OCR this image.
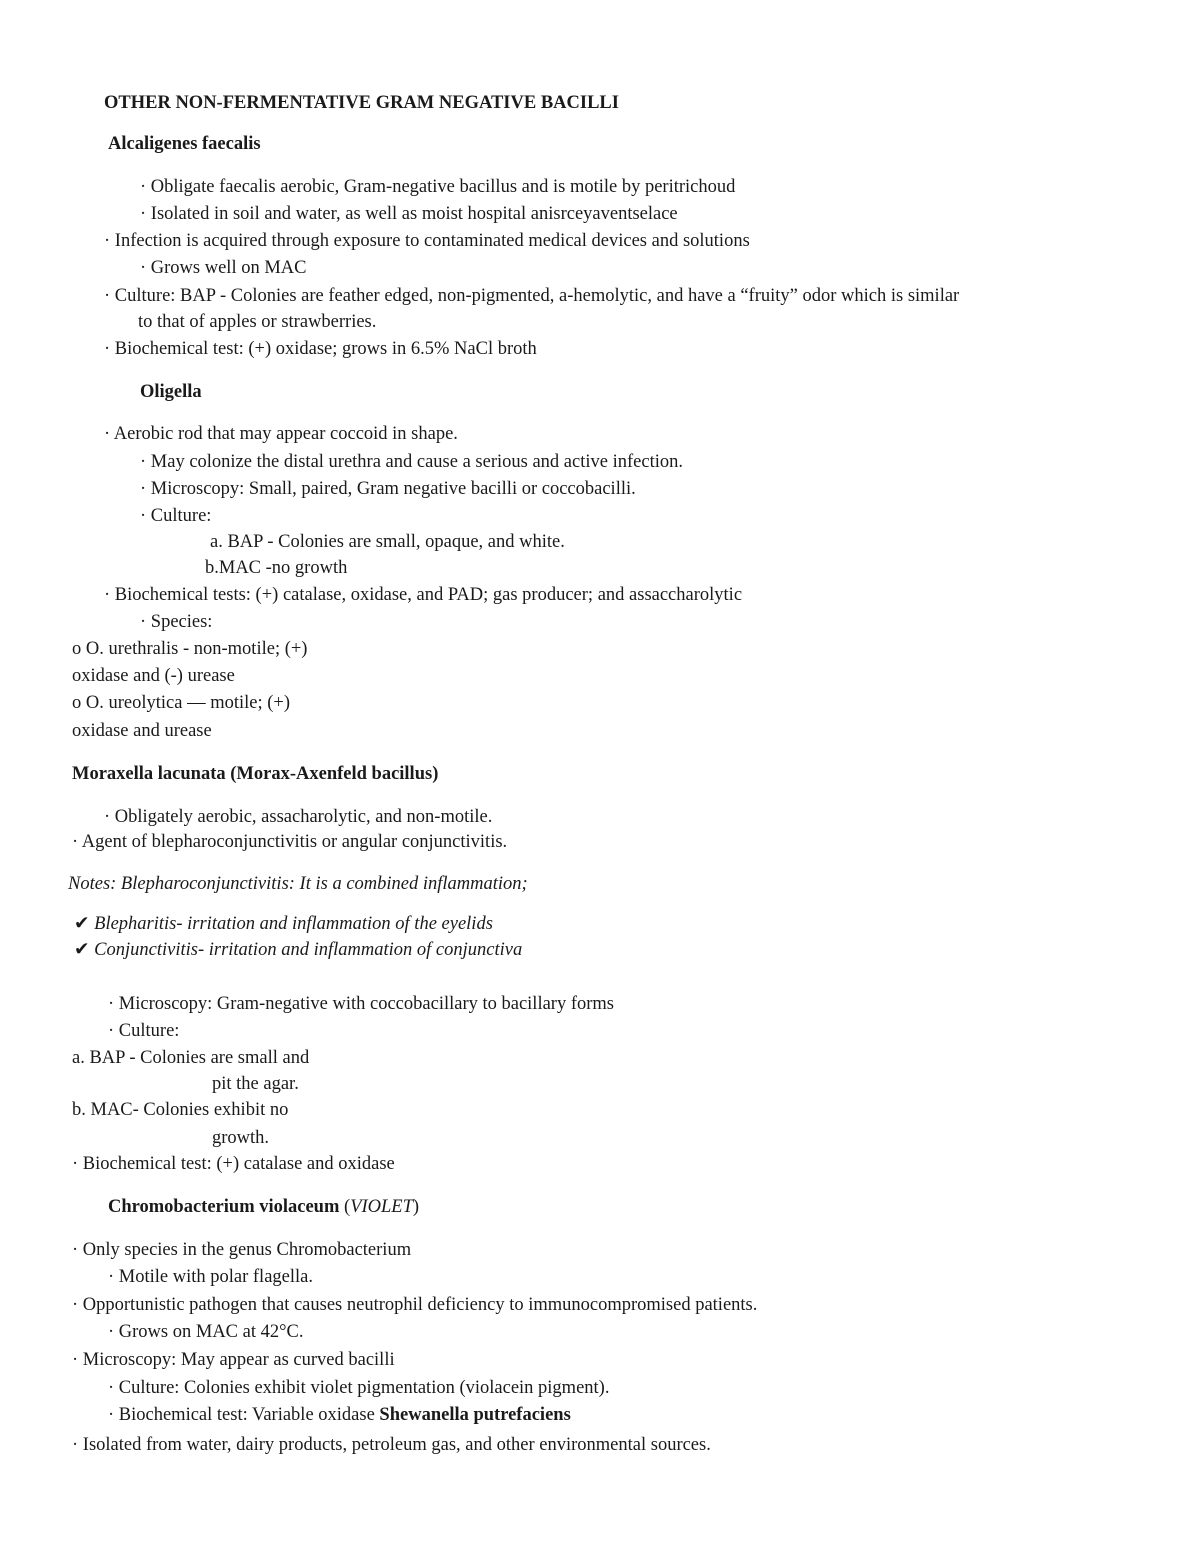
OTHER NON-FERMENTATIVE GRAM NEGATIVE BACILLI
Alcaligenes faecalis
· Obligate faecalis aerobic, Gram-negative bacillus and is motile by peritrichoud
· Isolated in soil and water, as well as moist hospital anisrceyaventselace
· Infection is acquired through exposure to contaminated medical devices and solutions
· Grows well on MAC
· Culture: BAP - Colonies are feather edged, non-pigmented, a-hemolytic, and have a “fruity” odor which is similar
to that of apples or strawberries.
· Biochemical test: (+) oxidase; grows in 6.5% NaCl broth
Oligella
· Aerobic rod that may appear coccoid in shape.
· May colonize the distal urethra and cause a serious and active infection.
· Microscopy: Small, paired, Gram negative bacilli or coccobacilli.
· Culture:
a. BAP - Colonies are small, opaque, and white.
b.MAC -no growth
· Biochemical tests: (+) catalase, oxidase, and PAD; gas producer; and assaccharolytic
· Species:
o O. urethralis - non-motile; (+)
oxidase and (-) urease
o O. ureolytica — motile; (+)
oxidase and urease
Moraxella lacunata (Morax-Axenfeld bacillus)
· Obligately aerobic, assacharolytic, and non-motile.
· Agent of blepharoconjunctivitis or angular conjunctivitis.
Notes: Blepharoconjunctivitis: It is a combined inflammation;
✔ Blepharitis- irritation and inflammation of the eyelids
✔ Conjunctivitis- irritation and inflammation of conjunctiva
· Microscopy: Gram-negative with coccobacillary to bacillary forms
· Culture:
a. BAP - Colonies are small and
pit the agar.
b. MAC- Colonies exhibit no
growth.
· Biochemical test: (+) catalase and oxidase
Chromobacterium violaceum (VIOLET)
· Only species in the genus Chromobacterium
· Motile with polar flagella.
· Opportunistic pathogen that causes neutrophil deficiency to immunocompromised patients.
· Grows on MAC at 42°C.
· Microscopy: May appear as curved bacilli
· Culture: Colonies exhibit violet pigmentation (violacein pigment).
· Biochemical test: Variable oxidase Shewanella putrefaciens
· Isolated from water, dairy products, petroleum gas, and other environmental sources.
